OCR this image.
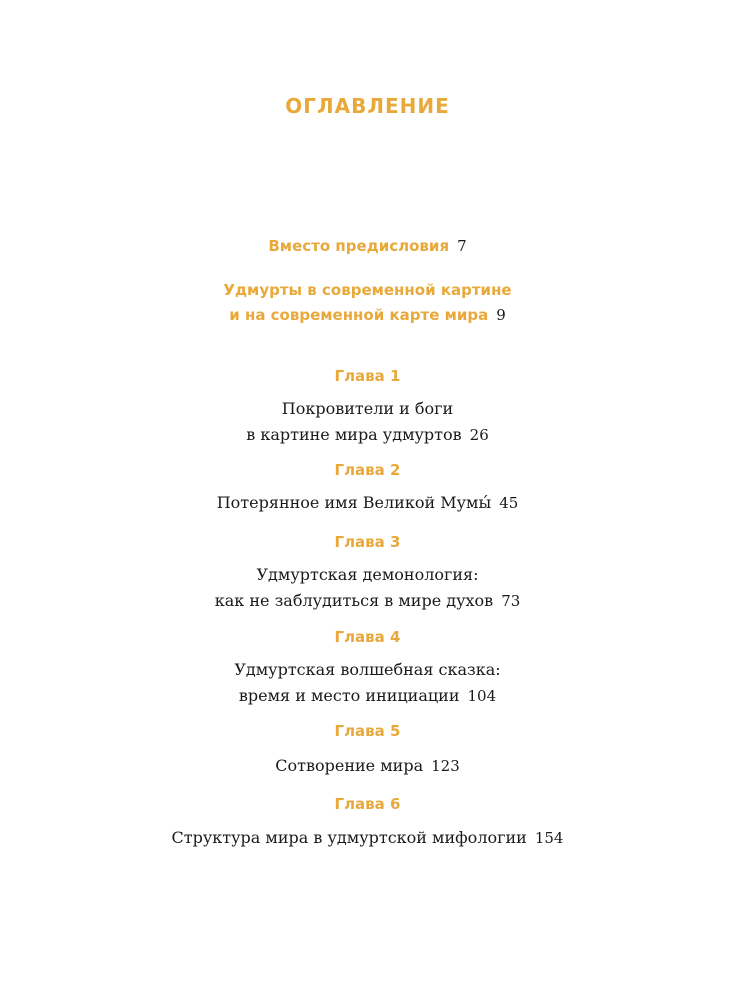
ОГЛАВЛЕНИЕ
Вместо предисловия 7
Удмурты в современной картине
и на современной карте мира 9
Глава 1
Покровители и боги
в картине мира удмуртов 26
Глава 2
Потерянное имя Великой Мумы́ 45
Глава 3
Удмуртская демонология:
как не заблудиться в мире духов 73
Глава 4
Удмуртская волшебная сказка:
время и место инициации 104
Глава 5
Сотворение мира 123
Глава 6
Структура мира в удмуртской мифологии 154
